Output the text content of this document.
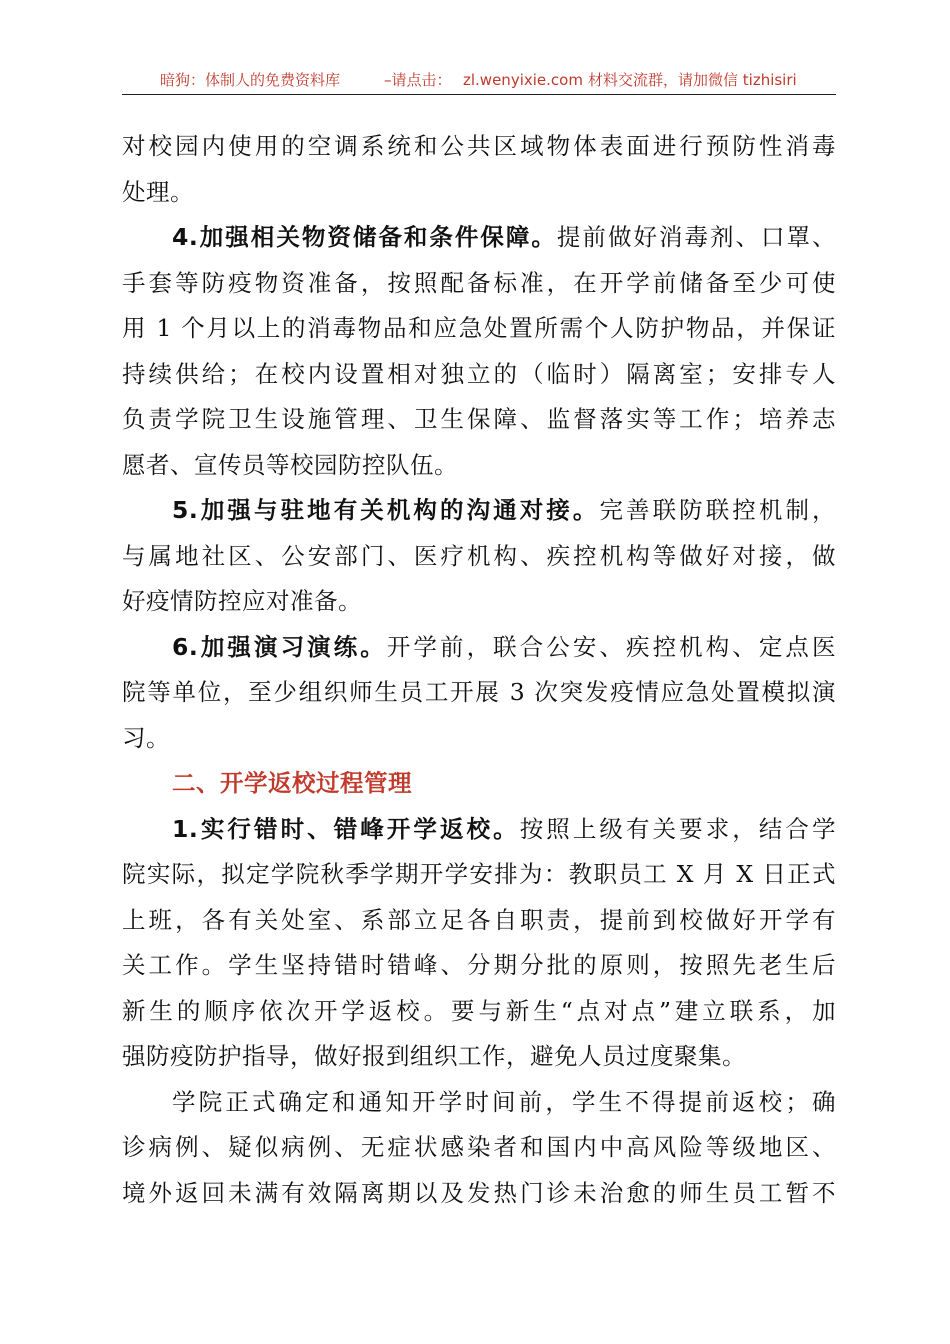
暗狗：体制人的免费资料库	–请点击： zl.wenyixie.com 材料交流群，请加微信 tizhisiri
对校园内使用的空调系统和公共区域物体表面进行预防性消毒
处理。
4.加强相关物资储备和条件保障。提前做好消毒剂、口罩、
手套等防疫物资准备，按照配备标准，在开学前储备至少可使
用 1 个月以上的消毒物品和应急处置所需个人防护物品，并保证
持续供给；在校内设置相对独立的（临时）隔离室；安排专人
负责学院卫生设施管理、卫生保障、监督落实等工作；培养志
愿者、宣传员等校园防控队伍。
5.加强与驻地有关机构的沟通对接。完善联防联控机制，
与属地社区、公安部门、医疗机构、疾控机构等做好对接，做
好疫情防控应对准备。
6.加强演习演练。开学前，联合公安、疾控机构、定点医
院等单位，至少组织师生员工开展 3 次突发疫情应急处置模拟演
习。
二、开学返校过程管理
1.实行错时、错峰开学返校。按照上级有关要求，结合学
院实际，拟定学院秋季学期开学安排为：教职员工 X 月 X 日正式
上班，各有关处室、系部立足各自职责，提前到校做好开学有
关工作。学生坚持错时错峰、分期分批的原则，按照先老生后
新生的顺序依次开学返校。要与新生“点对点”建立联系，加
强防疫防护指导，做好报到组织工作，避免人员过度聚集。
学院正式确定和通知开学时间前，学生不得提前返校；确
诊病例、疑似病例、无症状感染者和国内中高风险等级地区、
境外返回未满有效隔离期以及发热门诊未治愈的师生员工暂不
